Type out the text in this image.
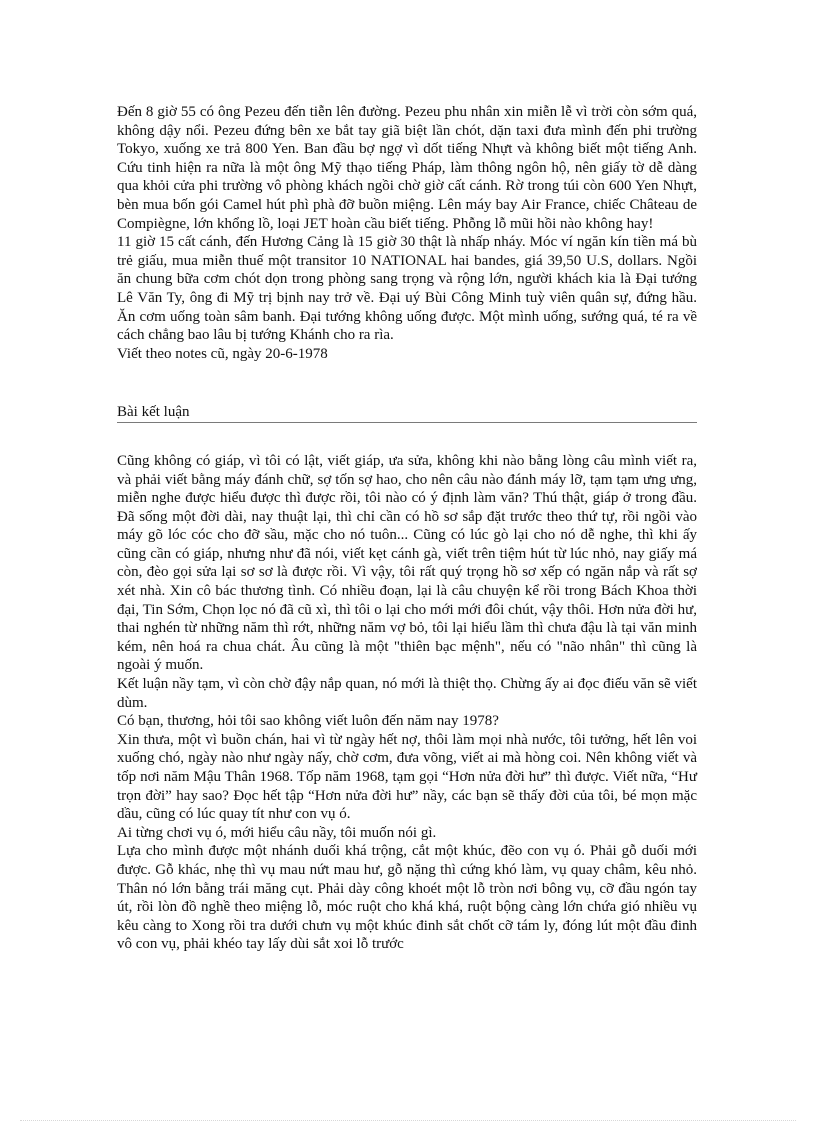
Đến 8 giờ 55 có ông Pezeu đến tiễn lên đường. Pezeu phu nhân xin miễn lễ vì trời còn sớm quá, không dậy nổi. Pezeu đứng bên xe bắt tay giã biệt lần chót, dặn taxi đưa mình đến phi trường Tokyo, xuống xe trả 800 Yen. Ban đầu bợ ngợ vì dốt tiếng Nhựt và không biết một tiếng Anh. Cứu tinh hiện ra nữa là một ông Mỹ thạo tiếng Pháp, làm thông ngôn hộ, nên giấy tờ dễ dàng qua khỏi cửa phi trường vô phòng khách ngồi chờ giờ cất cánh. Rờ trong túi còn 600 Yen Nhựt, bèn mua bốn gói Camel hút phì phà đỡ buồn miệng. Lên máy bay Air France, chiếc Château de Compiègne, lớn khổng lồ, loại JET hoàn cầu biết tiếng. Phỗng lỗ mũi hồi nào không hay!

11 giờ 15 cất cánh, đến Hương Cảng là 15 giờ 30 thật là nhấp nháy. Móc ví ngăn kín tiền má bù trẻ giấu, mua miễn thuế một transitor 10 NATIONAL hai bandes, giá 39,50 U.S, dollars. Ngồi ăn chung bữa cơm chót dọn trong phòng sang trọng và rộng lớn, người khách kia là Đại tướng Lê Văn Ty, ông đi Mỹ trị bịnh nay trở về. Đại uý Bùi Công Minh tuỳ viên quân sự, đứng hầu. Ăn cơm uống toàn sâm banh. Đại tướng không uống được. Một mình uống, sướng quá, té ra về cách chẳng bao lâu bị tướng Khánh cho ra rìa.

Viết theo notes cũ, ngày 20-6-1978

Bài kết luận

Cũng không có giáp, vì tôi có lật, viết giáp, ưa sửa, không khi nào bằng lòng câu mình viết ra, và phải viết bằng máy đánh chữ, sợ tốn sợ hao, cho nên câu nào đánh máy lỡ, tạm tạm ưng ưng, miễn nghe được hiểu được thì được rồi, tôi nào có ý định làm văn? Thú thật, giáp ở trong đầu. Đã sống một đời dài, nay thuật lại, thì chỉ cần có hồ sơ sắp đặt trước theo thứ tự, rồi ngồi vào máy gõ lóc cóc cho đỡ sầu, mặc cho nó tuôn... Cũng có lúc gò lại cho nó dễ nghe, thì khi ấy cũng cần có giáp, nhưng như đã nói, viết kẹt cánh gà, viết trên tiệm hút từ lúc nhỏ, nay giấy má còn, đèo gọi sửa lại sơ sơ là được rồi. Vì vậy, tôi rất quý trọng hồ sơ xếp có ngăn nắp và rất sợ xét nhà. Xin cô bác thương tình. Có nhiều đoạn, lại là câu chuyện kể rồi trong Bách Khoa thời đại, Tin Sớm, Chọn lọc nó đã cũ xì, thì tôi o lại cho mới mới đôi chút, vậy thôi. Hơn nửa đời hư, thai nghén từ những năm thì rớt, những năm vợ bỏ, tôi lại hiểu lầm thì chưa đậu là tại văn minh kém, nên hoá ra chua chát. Âu cũng là một "thiên bạc mệnh", nếu có "não nhân" thì cũng là ngoài ý muốn.

Kết luận nầy tạm, vì còn chờ đậy nắp quan, nó mới là thiệt thọ. Chừng ấy ai đọc điếu văn sẽ viết dùm.

Có bạn, thương, hỏi tôi sao không viết luôn đến năm nay 1978?

Xin thưa, một vì buồn chán, hai vì từ ngày hết nợ, thôi làm mọi nhà nước, tôi tưởng, hết lên voi xuống chó, ngày nào như ngày nấy, chờ cơm, đưa võng, viết ai mà hòng coi. Nên không viết và tốp nơi năm Mậu Thân 1968. Tốp năm 1968, tạm gọi “Hơn nửa đời hư” thì được. Viết nữa, “Hư trọn đời” hay sao? Đọc hết tập “Hơn nửa đời hư” nầy, các bạn sẽ thấy đời của tôi, bé mọn mặc dầu, cũng có lúc quay tít như con vụ ó.

Ai từng chơi vụ ó, mới hiểu câu nầy, tôi muốn nói gì.

Lựa cho mình được một nhánh duối khá trộng, cắt một khúc, đẽo con vụ ó. Phải gỗ duối mới được. Gỗ khác, nhẹ thì vụ mau nứt mau hư, gỗ nặng thì cứng khó làm, vụ quay châm, kêu nhỏ. Thân nó lớn bằng trái măng cụt. Phải dày công khoét một lỗ tròn nơi bông vụ, cỡ đầu ngón tay út, rồi lòn đồ nghề theo miệng lỗ, móc ruột cho khá khá, ruột bộng càng lớn chứa gió nhiều vụ kêu càng to Xong rồi tra dưới chưn vụ một khúc đinh sắt chốt cỡ tám ly, đóng lút một đầu đinh vô con vụ, phải khéo tay lấy dùi sắt xoi lỗ trước
